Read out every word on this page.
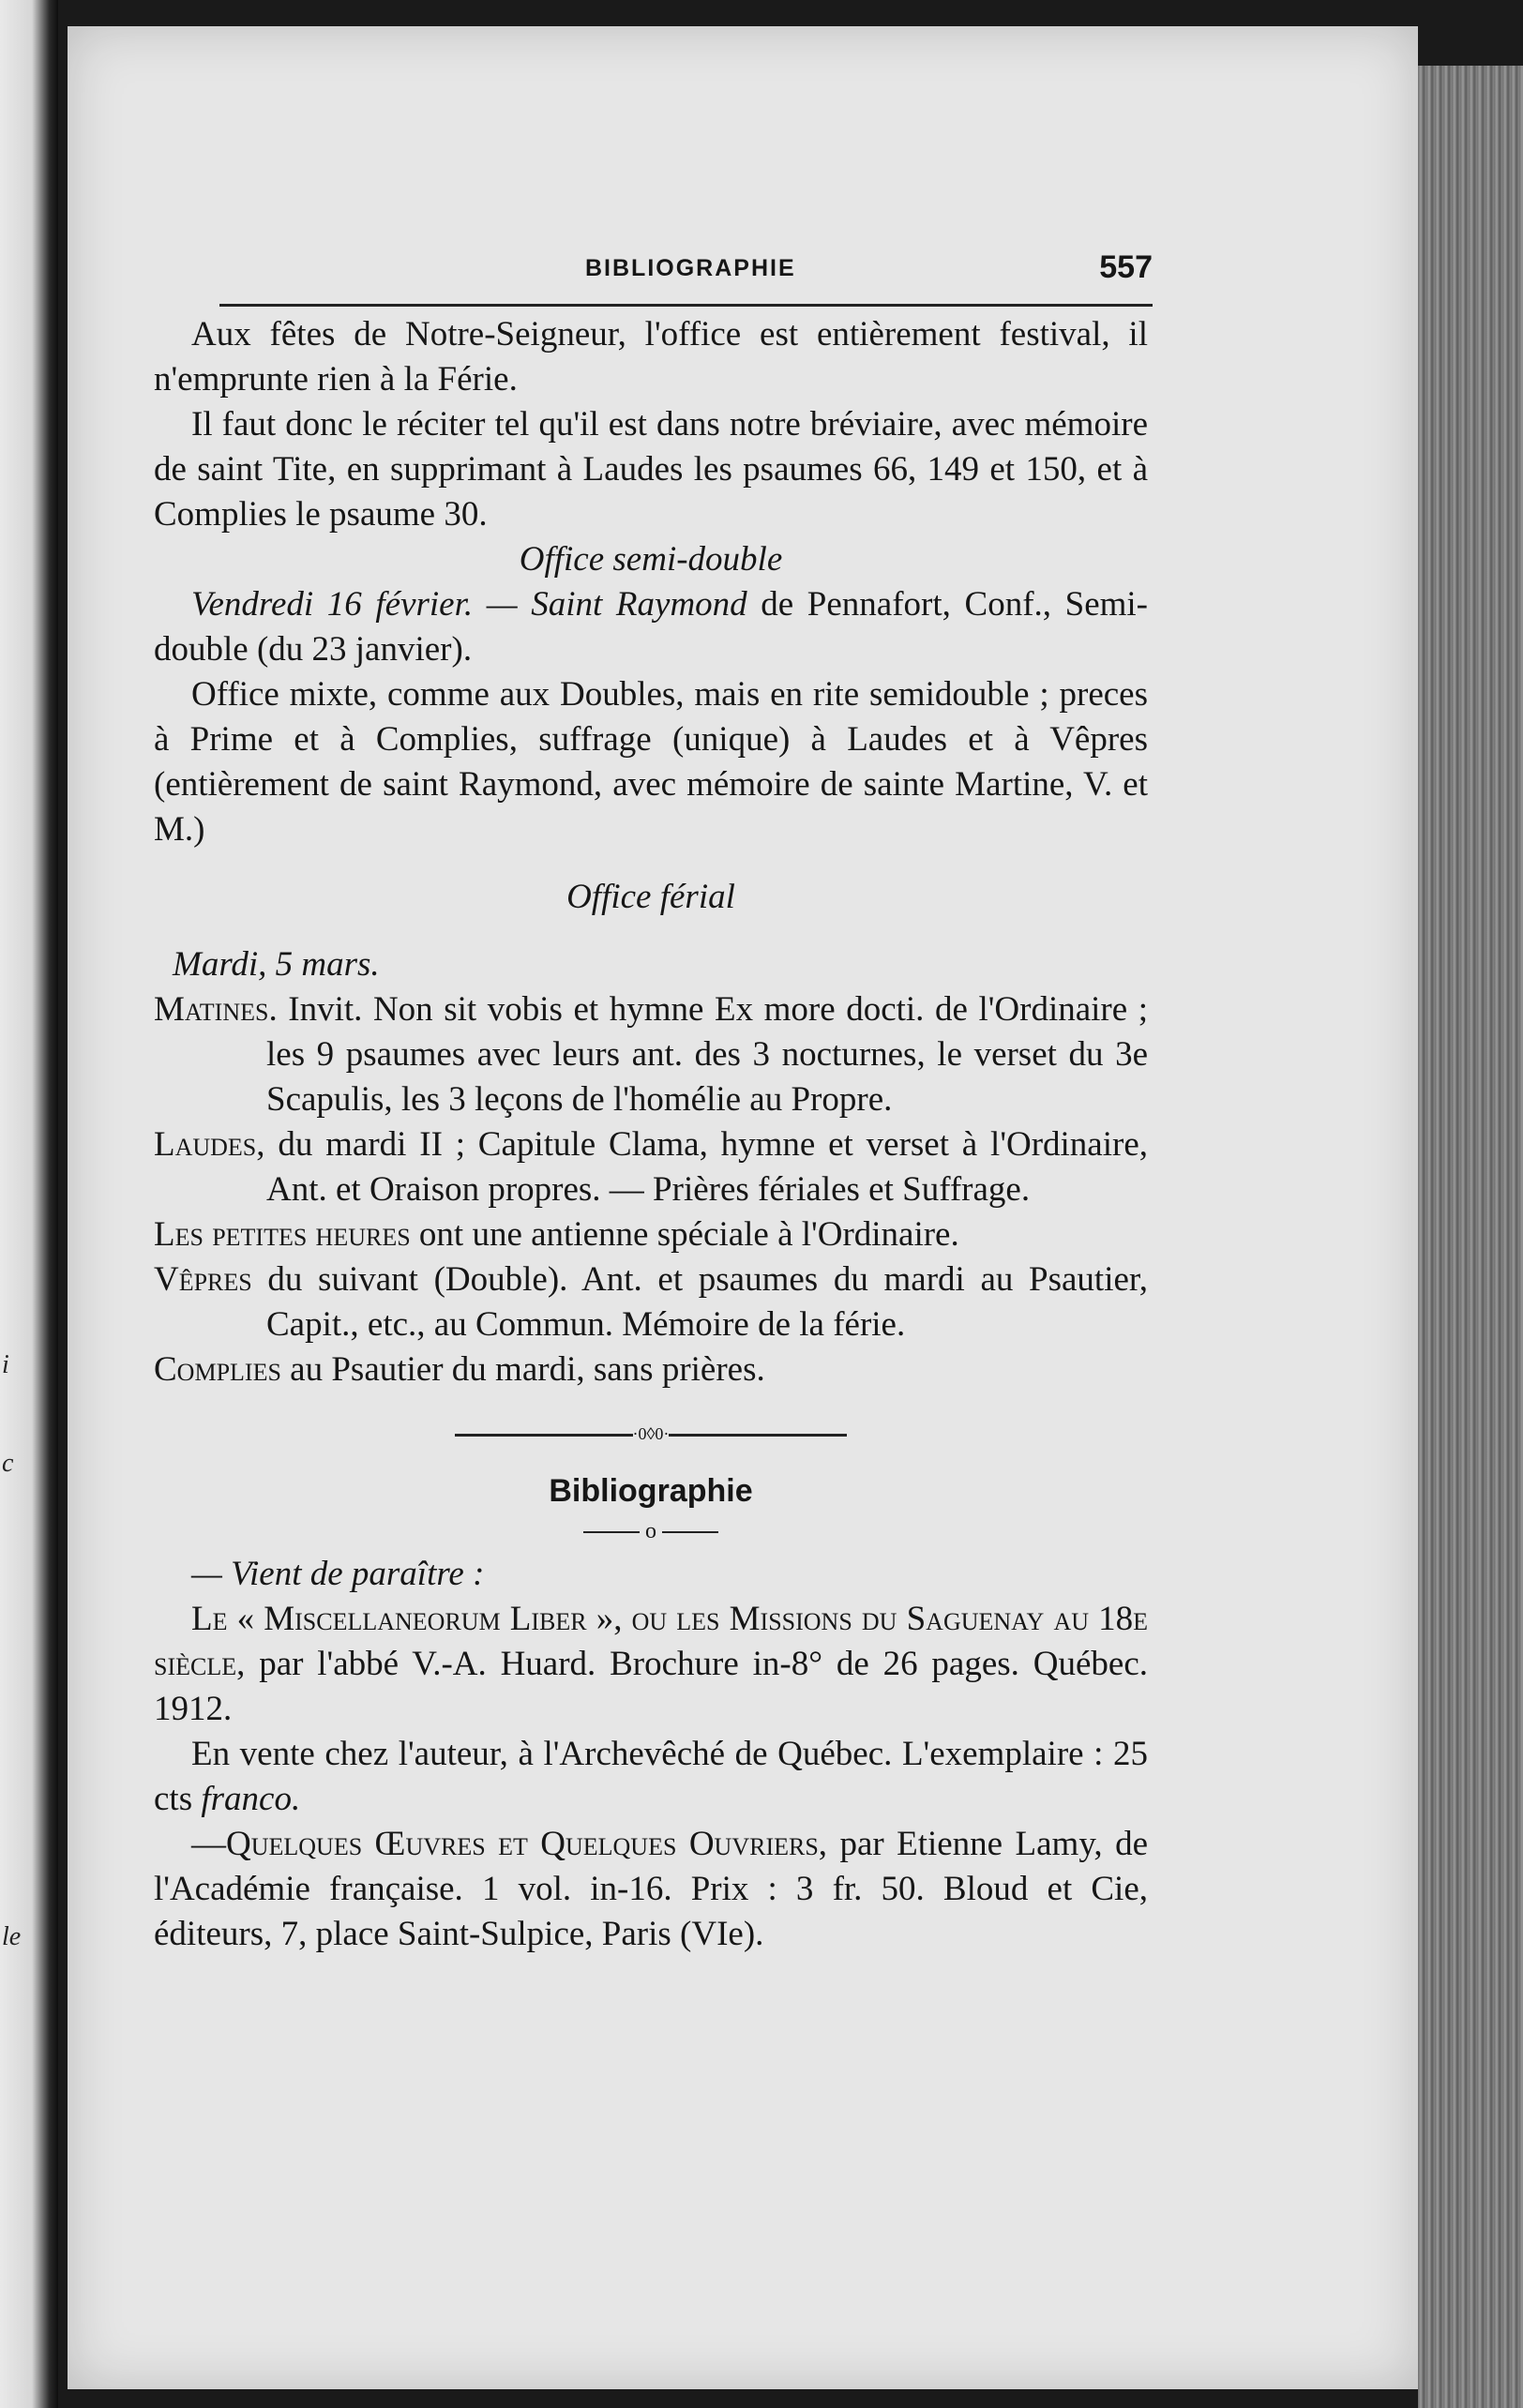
i
c
le
BIBLIOGRAPHIE	557

Aux fêtes de Notre-Seigneur, l'office est entièrement festival, il n'emprunte rien à la Férie.

Il faut donc le réciter tel qu'il est dans notre bréviaire, avec mémoire de saint Tite, en supprimant à Laudes les psaumes 66, 149 et 150, et à Complies le psaume 30.

Office semi-double

Vendredi 16 février. — Saint Raymond de Pennafort, Conf., Semi-double (du 23 janvier).

Office mixte, comme aux Doubles, mais en rite semidouble ; preces à Prime et à Complies, suffrage (unique) à Laudes et à Vêpres (entièrement de saint Raymond, avec mémoire de sainte Martine, V. et M.)

Office férial

Mardi, 5 mars.

Matines. Invit. Non sit vobis et hymne Ex more docti. de l'Ordinaire ; les 9 psaumes avec leurs ant. des 3 nocturnes, le verset du 3e Scapulis, les 3 leçons de l'homélie au Propre.

Laudes, du mardi II ; Capitule Clama, hymne et verset à l'Ordinaire, Ant. et Oraison propres. — Prières fériales et Suffrage.

Les petites heures ont une antienne spéciale à l'Ordinaire.

Vêpres du suivant (Double). Ant. et psaumes du mardi au Psautier, Capit., etc., au Commun. Mémoire de la férie.

Complies au Psautier du mardi, sans prières.

·0◊0·

Bibliographie

o

— Vient de paraître :

Le « Miscellaneorum Liber », ou les Missions du Saguenay au 18e siècle, par l'abbé V.-A. Huard. Brochure in-8° de 26 pages. Québec. 1912.

En vente chez l'auteur, à l'Archevêché de Québec. L'exemplaire : 25 cts franco.

—Quelques Œuvres et Quelques Ouvriers, par Etienne Lamy, de l'Académie française. 1 vol. in-16. Prix : 3 fr. 50. Bloud et Cie, éditeurs, 7, place Saint-Sulpice, Paris (VIe).
